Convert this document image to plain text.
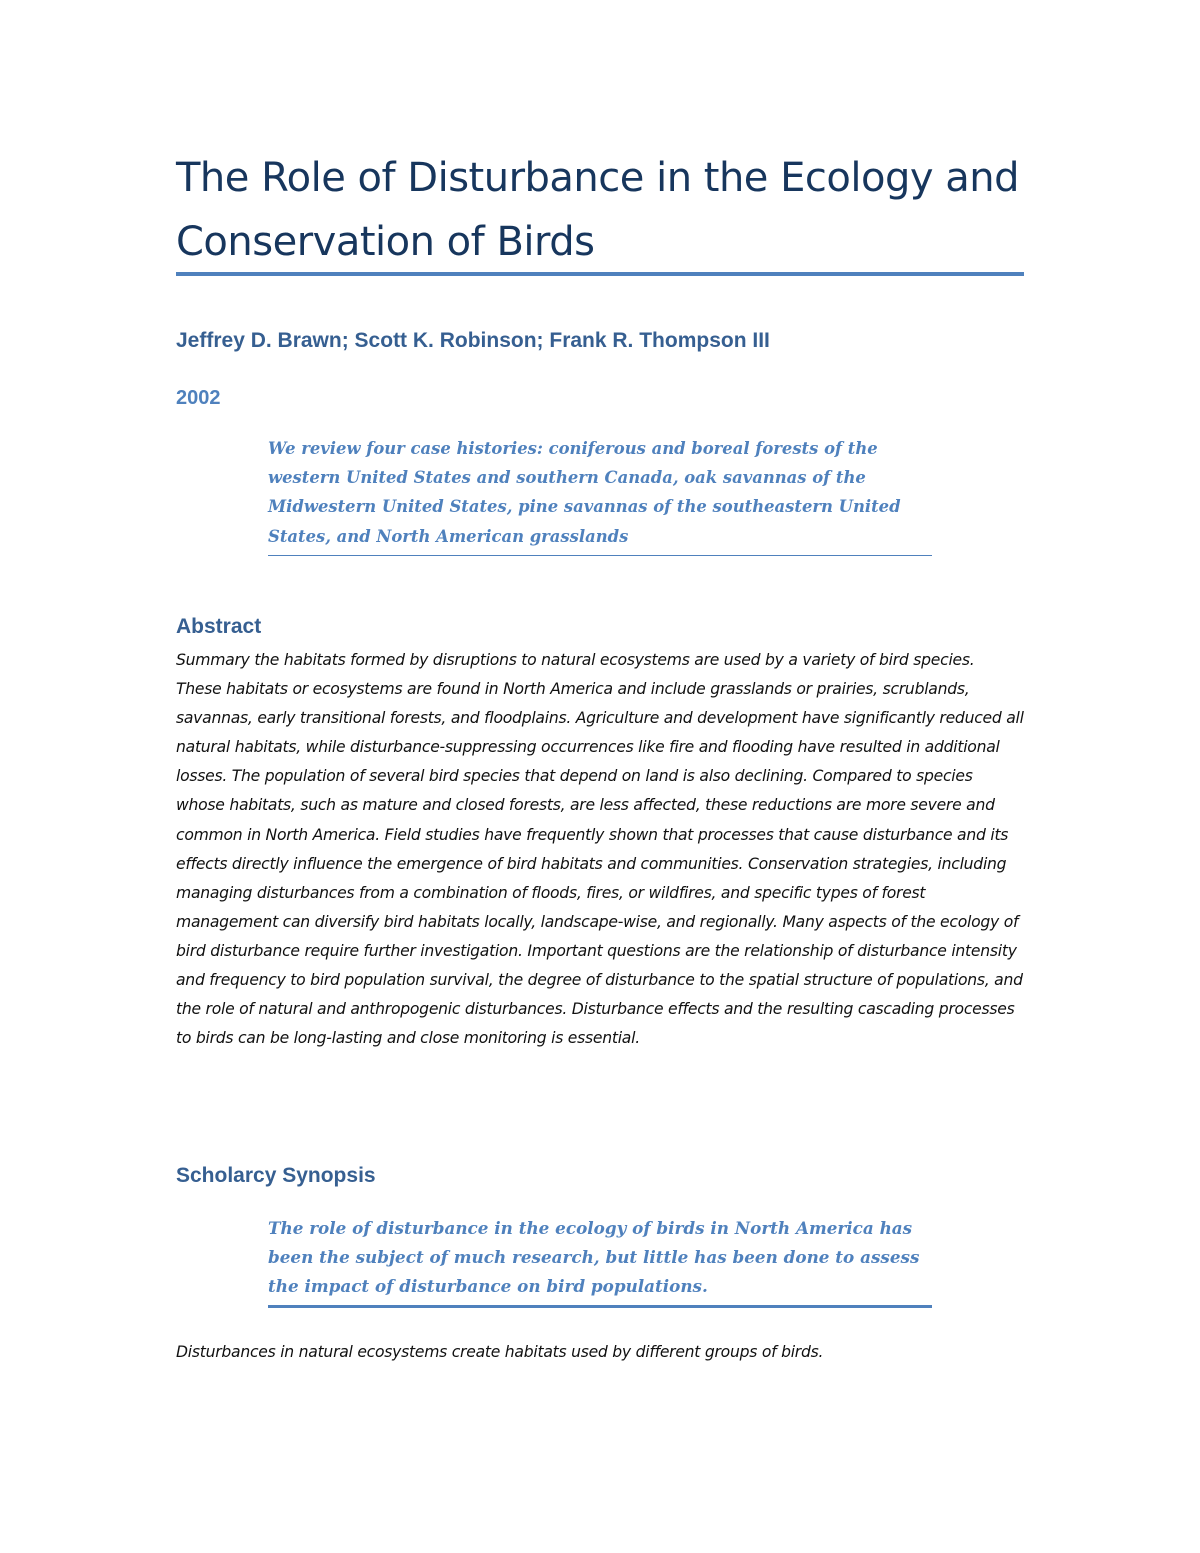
The Role of Disturbance in the Ecology and Conservation of Birds

Jeffrey D. Brawn; Scott K. Robinson; Frank R. Thompson III

2002

We review four case histories: coniferous and boreal forests of the western United States and southern Canada, oak savannas of the Midwestern United States, pine savannas of the southeastern United States, and North American grasslands

Abstract

Summary the habitats formed by disruptions to natural ecosystems are used by a variety of bird species. These habitats or ecosystems are found in North America and include grasslands or prairies, scrublands, savannas, early transitional forests, and floodplains. Agriculture and development have significantly reduced all natural habitats, while disturbance-suppressing occurrences like fire and flooding have resulted in additional losses. The population of several bird species that depend on land is also declining. Compared to species whose habitats, such as mature and closed forests, are less affected, these reductions are more severe and common in North America. Field studies have frequently shown that processes that cause disturbance and its effects directly influence the emergence of bird habitats and communities. Conservation strategies, including managing disturbances from a combination of floods, fires, or wildfires, and specific types of forest management can diversify bird habitats locally, landscape-wise, and regionally. Many aspects of the ecology of bird disturbance require further investigation. Important questions are the relationship of disturbance intensity and frequency to bird population survival, the degree of disturbance to the spatial structure of populations, and the role of natural and anthropogenic disturbances. Disturbance effects and the resulting cascading processes to birds can be long-lasting and close monitoring is essential.

Scholarcy Synopsis

The role of disturbance in the ecology of birds in North America has been the subject of much research, but little has been done to assess the impact of disturbance on bird populations.

Disturbances in natural ecosystems create habitats used by different groups of birds.
